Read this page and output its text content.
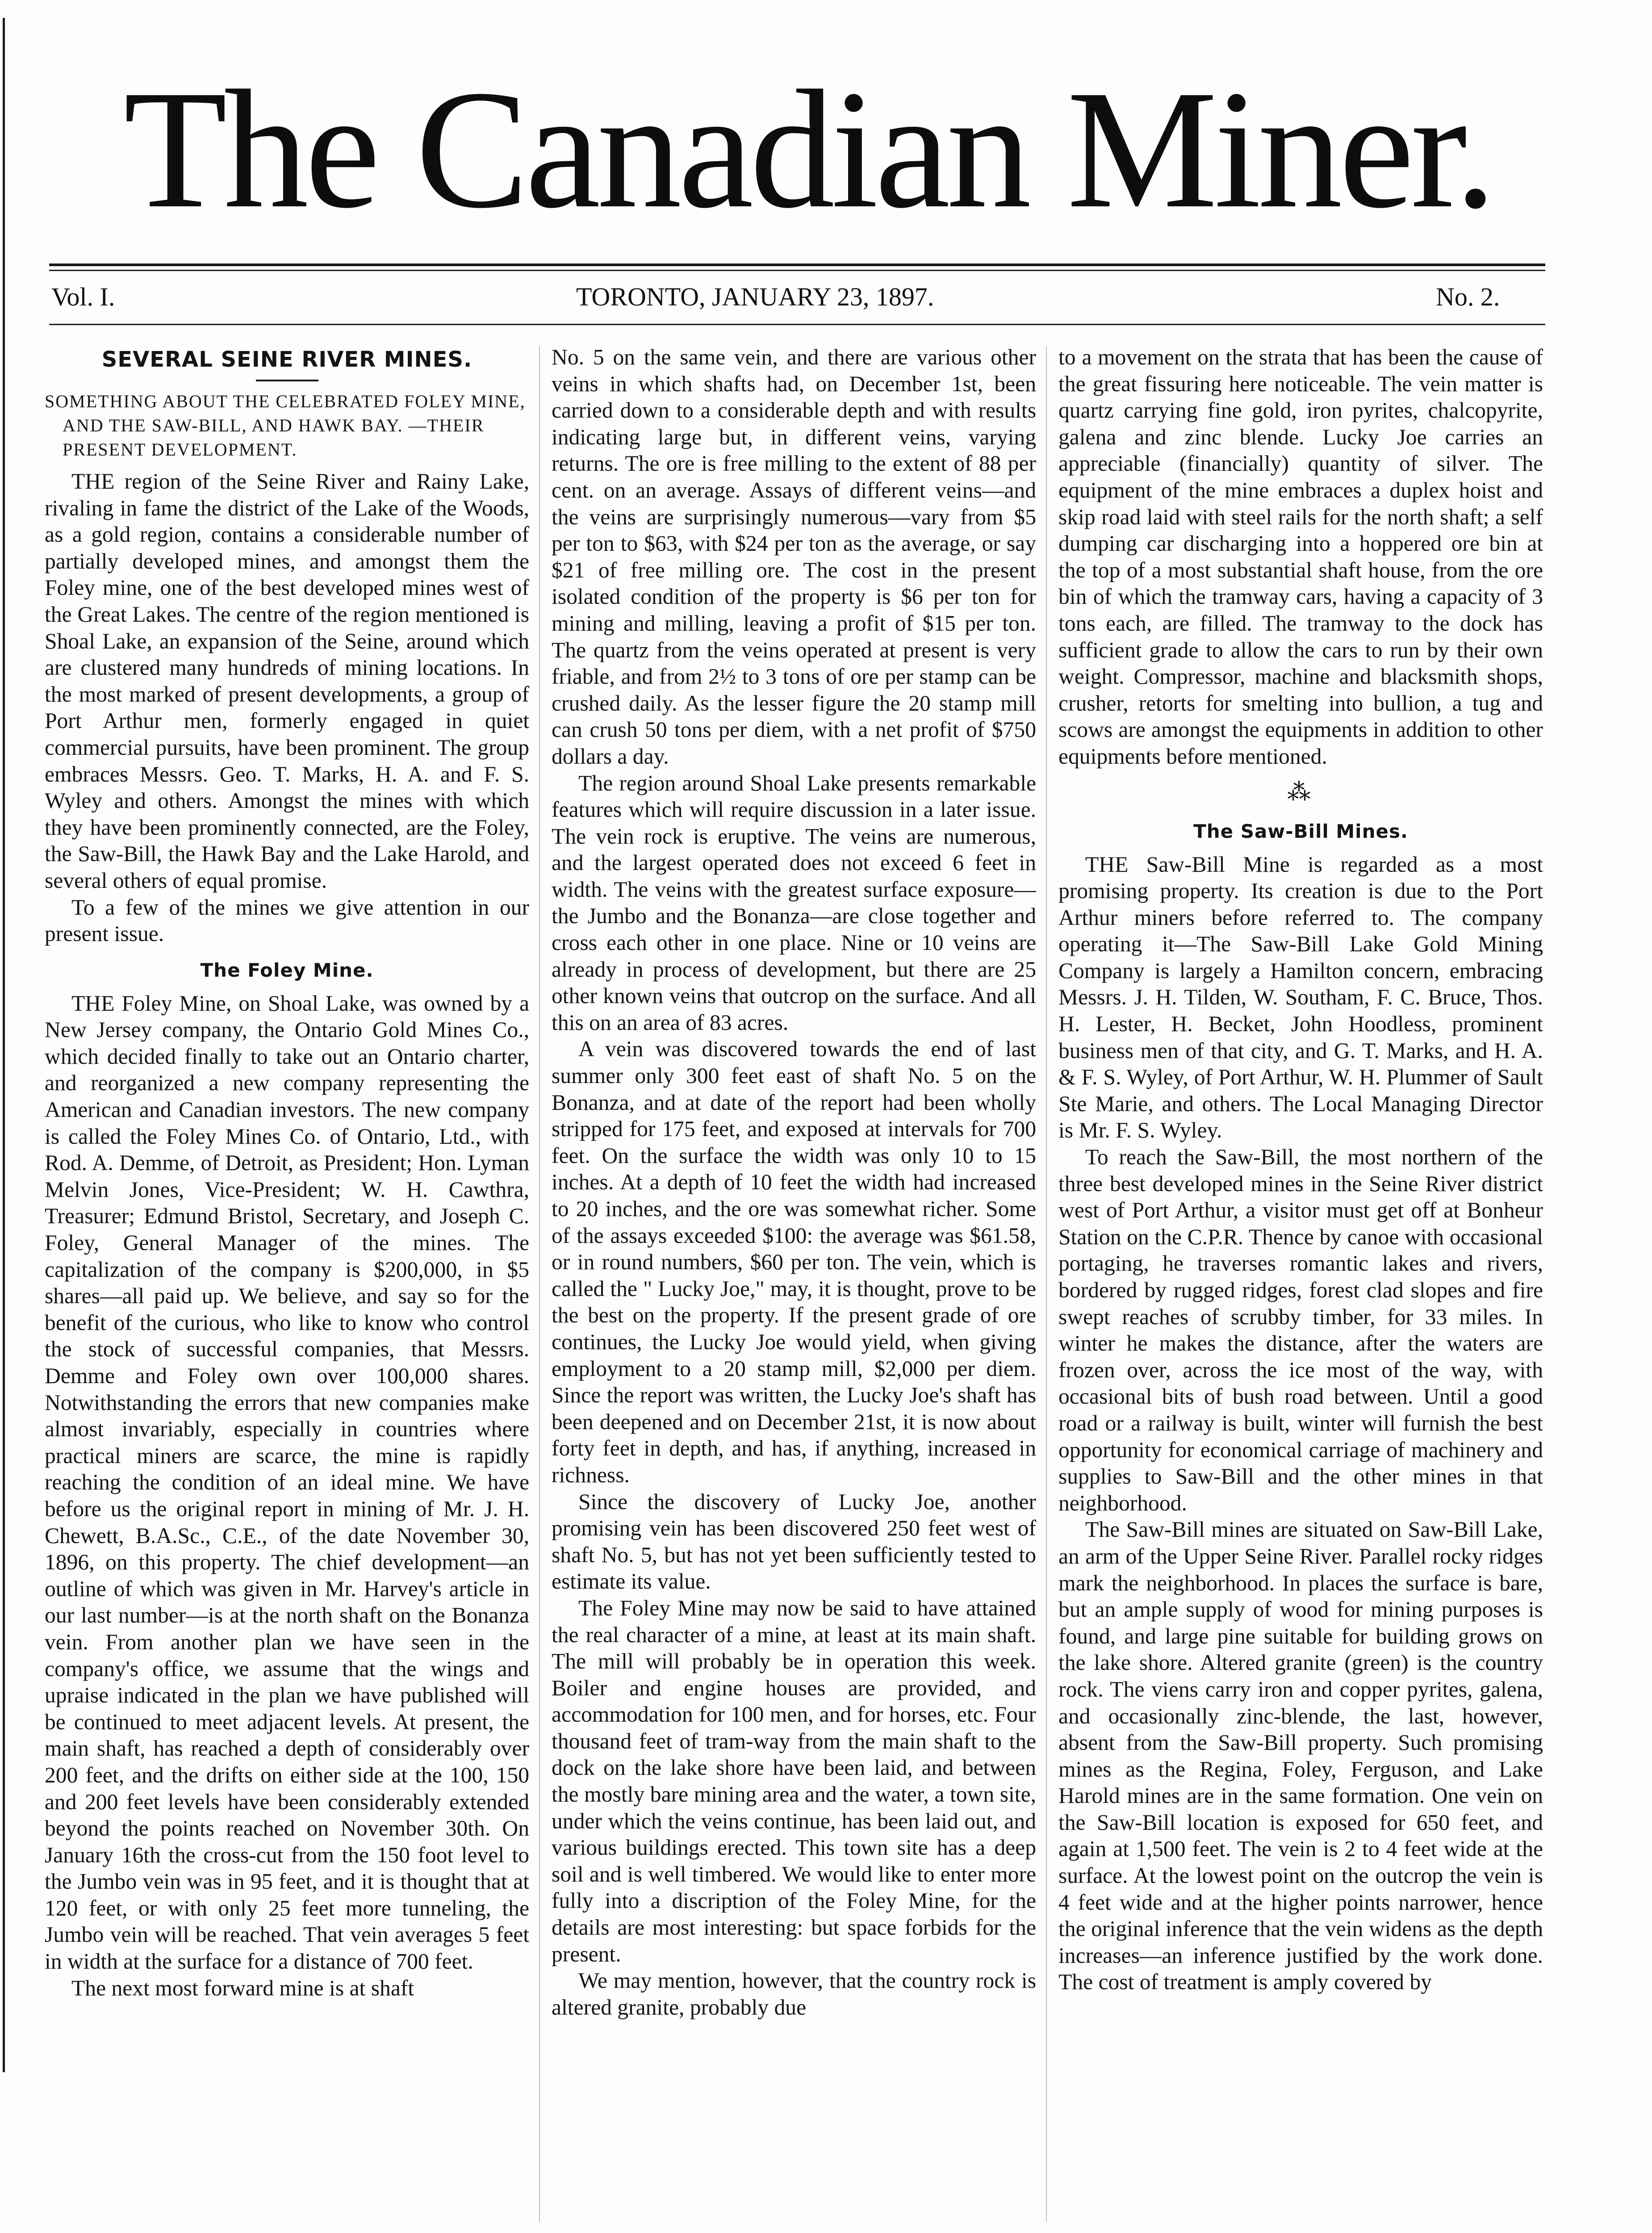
The Canadian Miner.
Vol. I.	TORONTO, JANUARY 23, 1897.	No. 2.
SEVERAL SEINE RIVER MINES.
SOMETHING ABOUT THE CELEBRATED FOLEY MINE, AND THE SAW-BILL, AND HAWK BAY. —THEIR PRESENT DEVELOPMENT.

THE region of the Seine River and Rainy Lake, rivaling in fame the district of the Lake of the Woods, as a gold region, contains a considerable number of partially developed mines, and amongst them the Foley mine, one of the best developed mines west of the Great Lakes. The centre of the region mentioned is Shoal Lake, an expansion of the Seine, around which are clustered many hundreds of mining locations. In the most marked of present developments, a group of Port Arthur men, formerly engaged in quiet commercial pursuits, have been prominent. The group embraces Messrs. Geo. T. Marks, H. A. and F. S. Wyley and others. Amongst the mines with which they have been prominently connected, are the Foley, the Saw-Bill, the Hawk Bay and the Lake Harold, and several others of equal promise.

To a few of the mines we give attention in our present issue.

The Foley Mine.

THE Foley Mine, on Shoal Lake, was owned by a New Jersey company, the Ontario Gold Mines Co., which decided finally to take out an Ontario charter, and reorganized a new company representing the American and Canadian investors. The new company is called the Foley Mines Co. of Ontario, Ltd., with Rod. A. Demme, of Detroit, as President; Hon. Lyman Melvin Jones, Vice-President; W. H. Cawthra, Treasurer; Edmund Bristol, Secretary, and Joseph C. Foley, General Manager of the mines. The capitalization of the company is $200,000, in $5 shares—all paid up. We believe, and say so for the benefit of the curious, who like to know who control the stock of successful companies, that Messrs. Demme and Foley own over 100,000 shares. Notwithstanding the errors that new companies make almost invariably, especially in countries where practical miners are scarce, the mine is rapidly reaching the condition of an ideal mine. We have before us the original report in mining of Mr. J. H. Chewett, B.A.Sc., C.E., of the date November 30, 1896, on this property. The chief development—an outline of which was given in Mr. Harvey's article in our last number—is at the north shaft on the Bonanza vein. From another plan we have seen in the company's office, we assume that the wings and upraise indicated in the plan we have published will be continued to meet adjacent levels. At present, the main shaft, has reached a depth of considerably over 200 feet, and the drifts on either side at the 100, 150 and 200 feet levels have been considerably extended beyond the points reached on November 30th. On January 16th the cross-cut from the 150 foot level to the Jumbo vein was in 95 feet, and it is thought that at 120 feet, or with only 25 feet more tunneling, the Jumbo vein will be reached. That vein averages 5 feet in width at the surface for a distance of 700 feet.

The next most forward mine is at shaft

No. 5 on the same vein, and there are various other veins in which shafts had, on December 1st, been carried down to a considerable depth and with results indicating large but, in different veins, varying returns. The ore is free milling to the extent of 88 per cent. on an average. Assays of different veins—and the veins are surprisingly numerous—vary from $5 per ton to $63, with $24 per ton as the average, or say $21 of free milling ore. The cost in the present isolated condition of the property is $6 per ton for mining and milling, leaving a profit of $15 per ton. The quartz from the veins operated at present is very friable, and from 2½ to 3 tons of ore per stamp can be crushed daily. As the lesser figure the 20 stamp mill can crush 50 tons per diem, with a net profit of $750 dollars a day.

The region around Shoal Lake presents remarkable features which will require discussion in a later issue. The vein rock is eruptive. The veins are numerous, and the largest operated does not exceed 6 feet in width. The veins with the greatest surface exposure—the Jumbo and the Bonanza—are close together and cross each other in one place. Nine or 10 veins are already in process of development, but there are 25 other known veins that outcrop on the surface. And all this on an area of 83 acres.

A vein was discovered towards the end of last summer only 300 feet east of shaft No. 5 on the Bonanza, and at date of the report had been wholly stripped for 175 feet, and exposed at intervals for 700 feet. On the surface the width was only 10 to 15 inches. At a depth of 10 feet the width had increased to 20 inches, and the ore was somewhat richer. Some of the assays exceeded $100: the average was $61.58, or in round numbers, $60 per ton. The vein, which is called the " Lucky Joe," may, it is thought, prove to be the best on the property. If the present grade of ore continues, the Lucky Joe would yield, when giving employment to a 20 stamp mill, $2,000 per diem. Since the report was written, the Lucky Joe's shaft has been deepened and on December 21st, it is now about forty feet in depth, and has, if anything, increased in richness.

Since the discovery of Lucky Joe, another promising vein has been discovered 250 feet west of shaft No. 5, but has not yet been sufficiently tested to estimate its value.

The Foley Mine may now be said to have attained the real character of a mine, at least at its main shaft. The mill will probably be in operation this week. Boiler and engine houses are provided, and accommodation for 100 men, and for horses, etc. Four thousand feet of tram-way from the main shaft to the dock on the lake shore have been laid, and between the mostly bare mining area and the water, a town site, under which the veins continue, has been laid out, and various buildings erected. This town site has a deep soil and is well timbered. We would like to enter more fully into a discription of the Foley Mine, for the details are most interesting: but space forbids for the present.

We may mention, however, that the country rock is altered granite, probably due

to a movement on the strata that has been the cause of the great fissuring here noticeable. The vein matter is quartz carrying fine gold, iron pyrites, chalcopyrite, galena and zinc blende. Lucky Joe carries an appreciable (financially) quantity of silver. The equipment of the mine embraces a duplex hoist and skip road laid with steel rails for the north shaft; a self dumping car discharging into a hoppered ore bin at the top of a most substantial shaft house, from the ore bin of which the tramway cars, having a capacity of 3 tons each, are filled. The tramway to the dock has sufficient grade to allow the cars to run by their own weight. Compressor, machine and blacksmith shops, crusher, retorts for smelting into bullion, a tug and scows are amongst the equipments in addition to other equipments before mentioned.

⁂
The Saw-Bill Mines.

THE Saw-Bill Mine is regarded as a most promising property. Its creation is due to the Port Arthur miners before referred to. The company operating it—The Saw-Bill Lake Gold Mining Company is largely a Hamilton concern, embracing Messrs. J. H. Tilden, W. Southam, F. C. Bruce, Thos. H. Lester, H. Becket, John Hoodless, prominent business men of that city, and G. T. Marks, and H. A. & F. S. Wyley, of Port Arthur, W. H. Plummer of Sault Ste Marie, and others. The Local Managing Director is Mr. F. S. Wyley.

To reach the Saw-Bill, the most northern of the three best developed mines in the Seine River district west of Port Arthur, a visitor must get off at Bonheur Station on the C.P.R. Thence by canoe with occasional portaging, he traverses romantic lakes and rivers, bordered by rugged ridges, forest clad slopes and fire swept reaches of scrubby timber, for 33 miles. In winter he makes the distance, after the waters are frozen over, across the ice most of the way, with occasional bits of bush road between. Until a good road or a railway is built, winter will furnish the best opportunity for economical carriage of machinery and supplies to Saw-Bill and the other mines in that neighborhood.

The Saw-Bill mines are situated on Saw-Bill Lake, an arm of the Upper Seine River. Parallel rocky ridges mark the neighborhood. In places the surface is bare, but an ample supply of wood for mining purposes is found, and large pine suitable for building grows on the lake shore. Altered granite (green) is the country rock. The viens carry iron and copper pyrites, galena, and occasionally zinc-blende, the last, however, absent from the Saw-Bill property. Such promising mines as the Regina, Foley, Ferguson, and Lake Harold mines are in the same formation. One vein on the Saw-Bill location is exposed for 650 feet, and again at 1,500 feet. The vein is 2 to 4 feet wide at the surface. At the lowest point on the outcrop the vein is 4 feet wide and at the higher points narrower, hence the original inference that the vein widens as the depth increases—an inference justified by the work done. The cost of treatment is amply covered by
